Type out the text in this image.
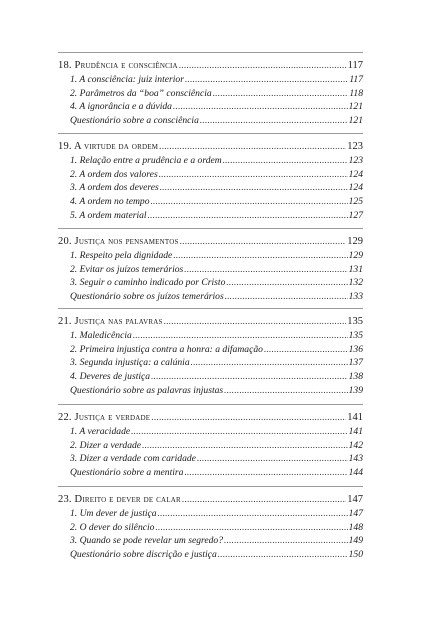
18. Prudência e consciência .....	117
1. A consciência: juiz interior .....	117
2. Parâmetros da “boa” consciência .....	118
4. A ignorância e a dúvida .....	121
Questionário sobre a consciência .....	121
19. A virtude da ordem .....	123
1. Relação entre a prudência e a ordem .....	123
2. A ordem dos valores .....	124
3. A ordem dos deveres .....	124
4. A ordem no tempo .....	125
5. A ordem material .....	127
20. Justiça nos pensamentos .....	129
1. Respeito pela dignidade .....	129
2. Evitar os juízos temerários .....	131
3. Seguir o caminho indicado por Cristo .....	132
Questionário sobre os juízos temerários .....	133
21. Justiça nas palavras .....	135
1. Maledicência .....	135
2. Primeira injustiça contra a honra: a difamação .....	136
3. Segunda injustiça: a calúnia .....	137
4. Deveres de justiça .....	138
Questionário sobre as palavras injustas .....	139
22. Justiça e verdade .....	141
1. A veracidade .....	141
2. Dizer a verdade .....	142
3. Dizer a verdade com caridade .....	143
Questionário sobre a mentira .....	144
23. Direito e dever de calar .....	147
1. Um dever de justiça .....	147
2. O dever do silêncio .....	148
3. Quando se pode revelar um segredo? .....	149
Questionário sobre discrição e justiça .....	150
